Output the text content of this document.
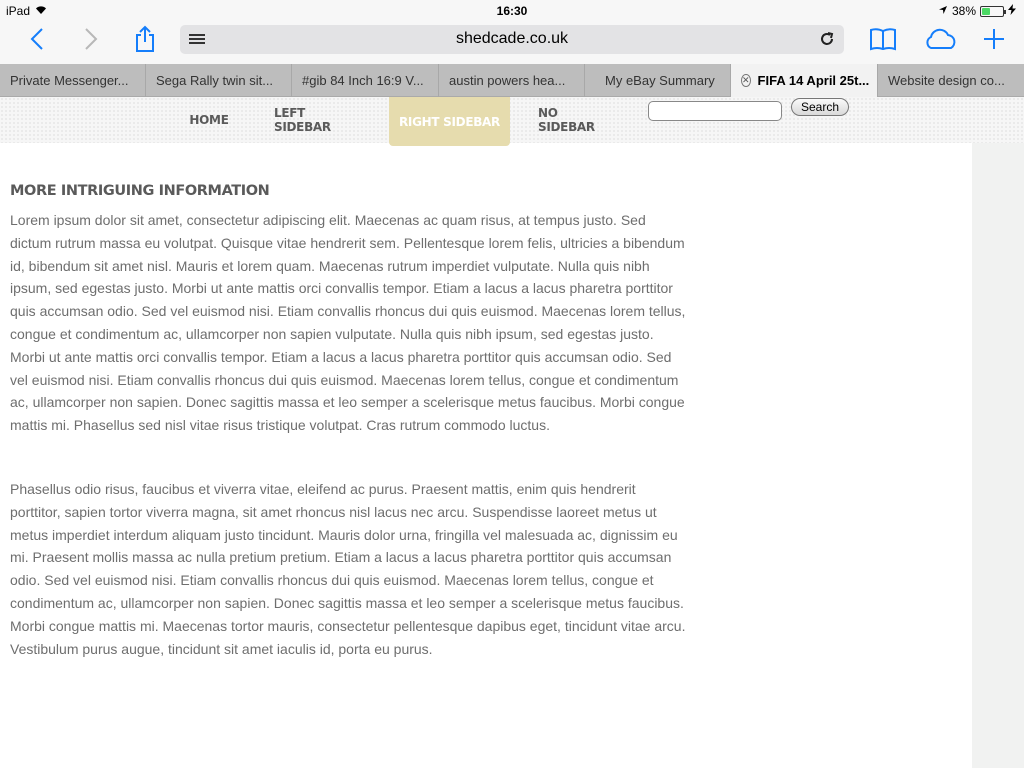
iPad	16:30	38%
shedcade.co.uk
Private Messenger... Sega Rally twin sit... #gib 84 Inch 16:9 V... austin powers hea...	My eBay Summary	✕ FIFA 14 April 25t... Website design co...
HOME	LEFT SIDEBAR	RIGHT SIDEBAR
NO SIDEBAR
Search
MORE INTRIGUING INFORMATION

Lorem ipsum dolor sit amet, consectetur adipiscing elit. Maecenas ac quam risus, at tempus justo. Sed dictum rutrum massa eu volutpat. Quisque vitae hendrerit sem. Pellentesque lorem felis, ultricies a bibendum id, bibendum sit amet nisl. Mauris et lorem quam. Maecenas rutrum imperdiet vulputate. Nulla quis nibh ipsum, sed egestas justo. Morbi ut ante mattis orci convallis tempor. Etiam a lacus a lacus pharetra porttitor quis accumsan odio. Sed vel euismod nisi. Etiam convallis rhoncus dui quis euismod. Maecenas lorem tellus, congue et condimentum ac, ullamcorper non sapien vulputate. Nulla quis nibh ipsum, sed egestas justo. Morbi ut ante mattis orci convallis tempor. Etiam a lacus a lacus pharetra porttitor quis accumsan odio. Sed vel euismod nisi. Etiam convallis rhoncus dui quis euismod. Maecenas lorem tellus, congue et condimentum ac, ullamcorper non sapien. Donec sagittis massa et leo semper a scelerisque metus faucibus. Morbi congue mattis mi. Phasellus sed nisl vitae risus tristique volutpat. Cras rutrum commodo luctus.

Phasellus odio risus, faucibus et viverra vitae, eleifend ac purus. Praesent mattis, enim quis hendrerit porttitor, sapien tortor viverra magna, sit amet rhoncus nisl lacus nec arcu. Suspendisse laoreet metus ut metus imperdiet interdum aliquam justo tincidunt. Mauris dolor urna, fringilla vel malesuada ac, dignissim eu mi. Praesent mollis massa ac nulla pretium pretium. Etiam a lacus a lacus pharetra porttitor quis accumsan odio. Sed vel euismod nisi. Etiam convallis rhoncus dui quis euismod. Maecenas lorem tellus, congue et condimentum ac, ullamcorper non sapien. Donec sagittis massa et leo semper a scelerisque metus faucibus. Morbi congue mattis mi. Maecenas tortor mauris, consectetur pellentesque dapibus eget, tincidunt vitae arcu. Vestibulum purus augue, tincidunt sit amet iaculis id, porta eu purus.
